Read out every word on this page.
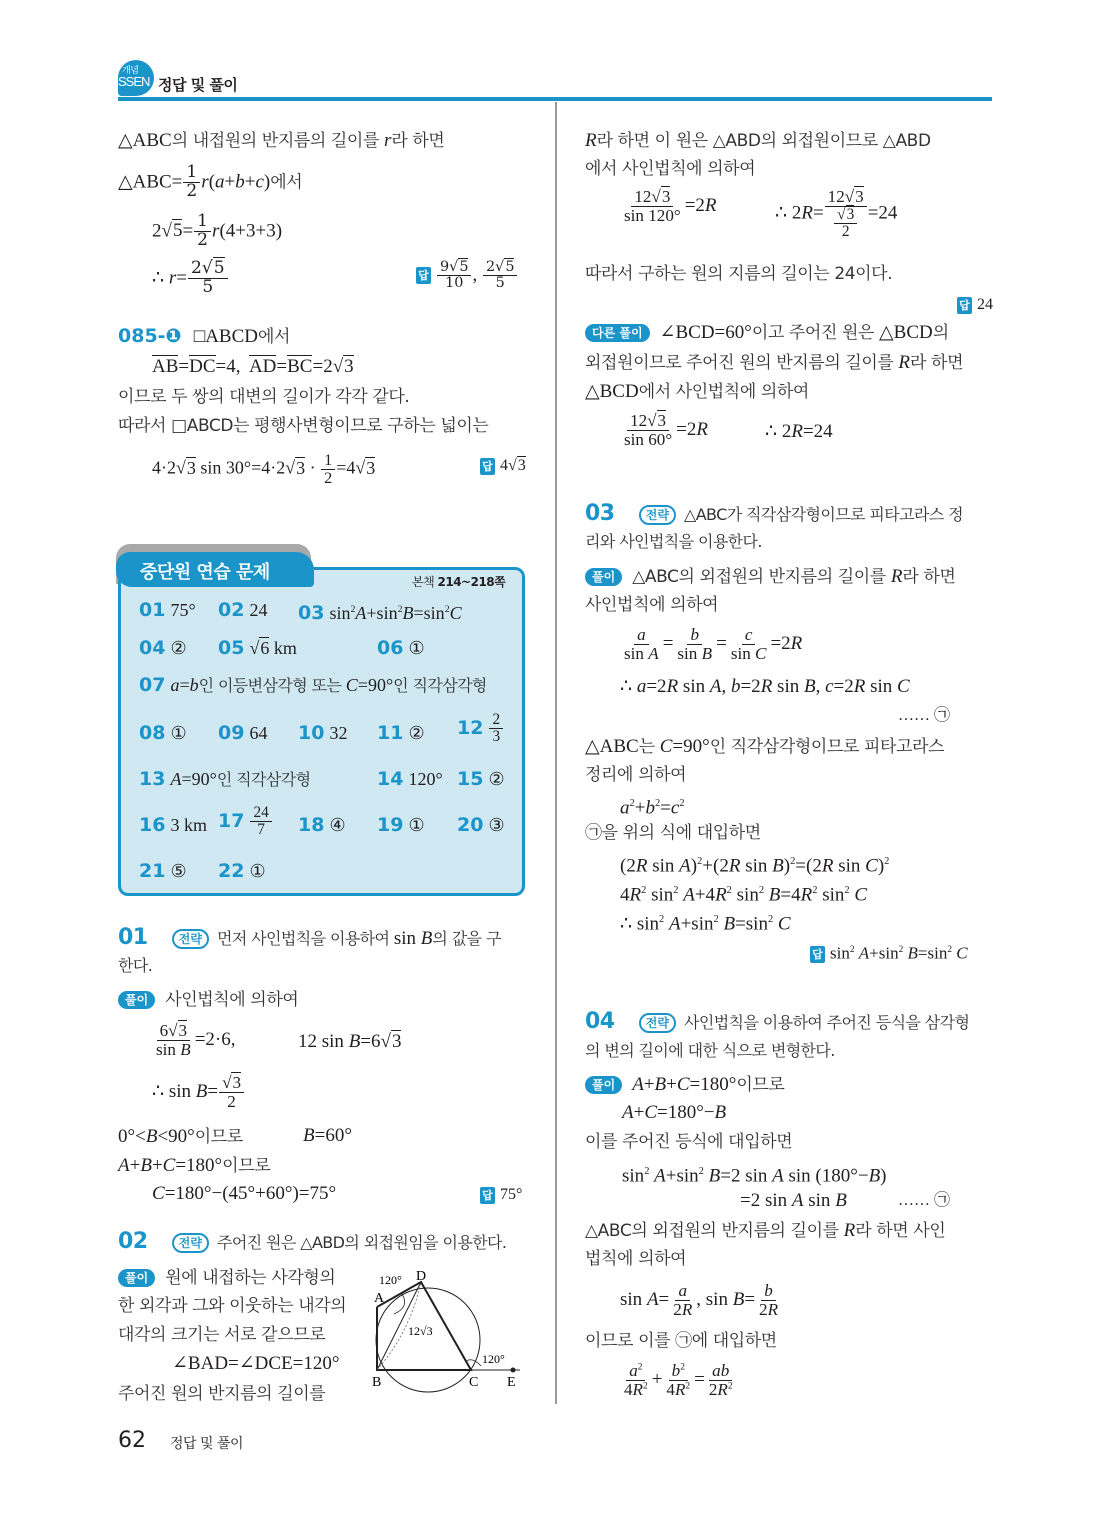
개념
SSEN 정답 및 풀이
△ABC의 내접원의 반지름의 길이를 r라 하면
△ABC= $\frac{1}{2} r(a+b+c)$에서
$2√5= \frac{1}{2} r(4+3+3)$
∴ $r= \frac{2√5}{5}$	답 $\frac{9√5}{10}$ , $\frac{2√5}{5}$
085-❶ □ABCD에서
AB=DC=4,  AD=BC=2√3
이므로 두 쌍의 대변의 길이가 각각 같다.
따라서 □ABCD는 평행사변형이므로 구하는 넓이는
4·2√3 $\sin 30^\circ=4\cdot 2√3 \cdot \frac{1}{2} =4√3$	답 4√3
중단원 연습 문제	본책 214~218쪽
01 75° 02 24 03 $\sin^2A+\sin^2B=\sin^2C$
04 ② 05 √6 km	06 ①
07 a=b인 이등변삼각형 또는 C=90°인 직각삼각형
08 ① 09 64 10 32 11 ② $12 \frac{2}{3}$
13 A=90°인 직각삼각형	14 120° 15 ②
16 3 km $17 \frac{24}{7} 18$ ④ 19 ① 20 ③
21 ⑤ 22 ①
01	전략 먼저 사인법칙을 이용하여 sin B의 값을 구
한다.
풀이 사인법칙에 의하여
$\frac{6√3}{\text{sin B}} =2\cdot 6$,	12 sin B=6√3
∴ $\sin B= \frac{√3}{2}$
0°<B<90°이므로	B=60°
A+B+C=180°이므로
C=180°−(45°+60°)=75°	답 75°
02	전략 주어진 원은 △ABD의 외접원임을 이용한다.
풀이 원에 내접하는 사각형의
한 외각과 그와 이웃하는 내각의
대각의 크기는 서로 같으므로
∠BAD=∠DCE=120°
주어진 원의 반지름의 길이를
A
B	C
D
E
120°
120°
12√3
R라 하면 이 원은 △ABD의 외접원이므로 △ABD
에서 사인법칙에 의하여
$\frac{12√3}{\sin 120^\circ} =2R$	∴ $2R= \frac{12√3}{\frac{√3}{2}} =24$
따라서 구하는 원의 지름의 길이는 24이다.
답 24
다른 풀이 ∠BCD=60°이고 주어진 원은 △BCD의
외접원이므로 주어진 원의 반지름의 길이를 R라 하면
△BCD에서 사인법칙에 의하여
$\frac{12√3}{\sin 60^\circ} =2R$	∴ 2R=24
03	전략 △ABC가 직각삼각형이므로 피타고라스 정
리와 사인법칙을 이용한다.
풀이 △ABC의 외접원의 반지름의 길이를 R라 하면
사인법칙에 의하여
$\frac{a}{\text{sin A}} = \frac{b}{\text{sin B}} = \frac{c}{\text{sin C}} =2R$
∴ a=2R sin A, b=2R sin B, c=2R sin C
…… ㉠
△ABC는 C=90°인 직각삼각형이므로 피타고라스
정리에 의하여
$a^2+b^2=c^2$
㉠을 위의 식에 대입하면
(2R sin A)$^2$+(2R sin B)$^2$=(2R sin C)$^2$
$4R^2$ $\sin^2 A+4R^2$ $\sin^2 B=4R^2$ $\sin^2 C$
∴ $\sin^2 A+\sin^2$ $B=\sin^2$ C
답 $\sin^2 A+\sin^2$ $B=\sin^2$ C
04	전략 사인법칙을 이용하여 주어진 등식을 삼각형
의 변의 길이에 대한 식으로 변형한다.
풀이 A+B+C=180°이므로
A+C=180°−B
이를 주어진 등식에 대입하면
$\sin^2 A+\sin^2$ B=2 sin A sin (180°−B)
=2 sin A sin B	…… ㉠
△ABC의 외접원의 반지름의 길이를 R라 하면 사인
법칙에 의하여
$\sin A= \frac{a}{2R}$ , $\sin B= \frac{b}{2R}$
이므로 이를 ㉠에 대입하면
$\frac{a^2}{4R^2} + \frac{b^2}{4R^2} = \frac{ab}{2R^2}$
62 정답 및 풀이
